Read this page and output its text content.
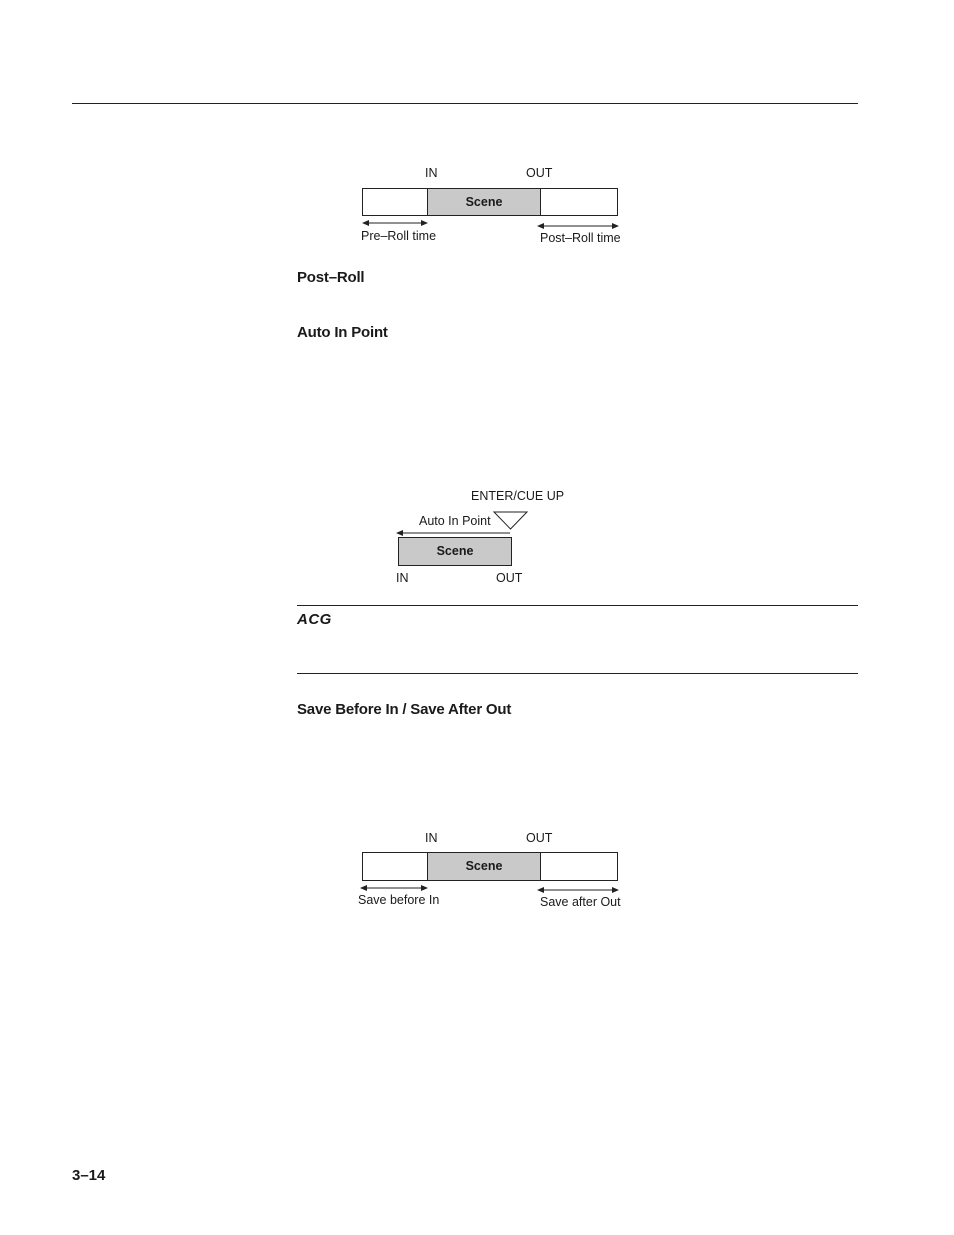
IN	OUT
Scene
Pre–Roll time	Post–Roll time
Post–Roll
Auto In Point
ENTER/CUE UP
Auto In Point
Scene
IN	OUT
ACG
Save Before In / Save After Out
IN	OUT
Scene
Save before In	Save after Out
3–14
